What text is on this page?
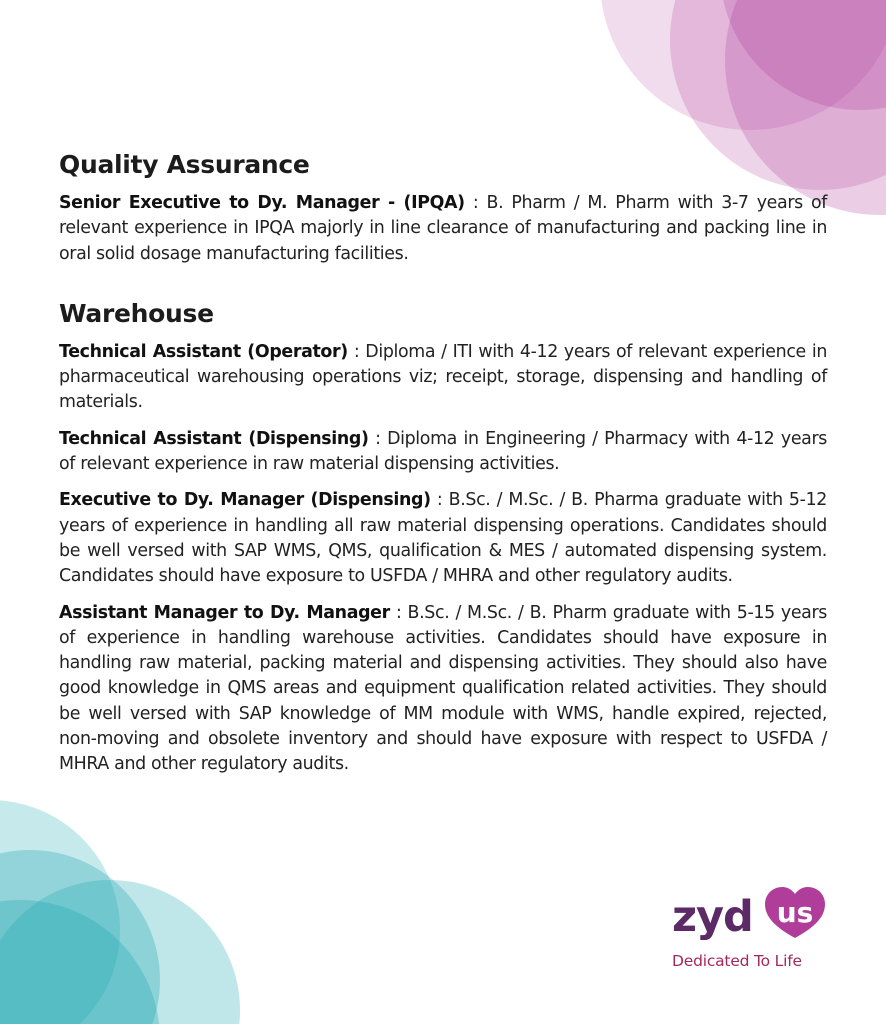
Quality Assurance

Senior Executive to Dy. Manager - (IPQA) : B. Pharm / M. Pharm with 3-7 years of relevant experience in IPQA majorly in line clearance of manufacturing and packing line in oral solid dosage manufacturing facilities.

Warehouse

Technical Assistant (Operator) : Diploma / ITI with 4-12 years of relevant experience in pharmaceutical warehousing operations viz; receipt, storage, dispensing and handling of materials.

Technical Assistant (Dispensing) : Diploma in Engineering / Pharmacy with 4-12 years of relevant experience in raw material dispensing activities.

Executive to Dy. Manager (Dispensing) : B.Sc. / M.Sc. / B. Pharma graduate with 5-12 years of experience in handling all raw material dispensing operations. Candidates should be well versed with SAP WMS, QMS, qualification & MES / automated dispensing system. Candidates should have exposure to USFDA / MHRA and other regulatory audits.

Assistant Manager to Dy. Manager : B.Sc. / M.Sc. / B. Pharm graduate with 5-15 years of experience in handling warehouse activities. Candidates should have exposure in handling raw material, packing material and dispensing activities. They should also have good knowledge in QMS areas and equipment qualification related activities. They should be well versed with SAP knowledge of MM module with WMS, handle expired, rejected, non-moving and obsolete inventory and should have exposure with respect to USFDA / MHRA and other regulatory audits.

zyd us
Dedicated To Life
